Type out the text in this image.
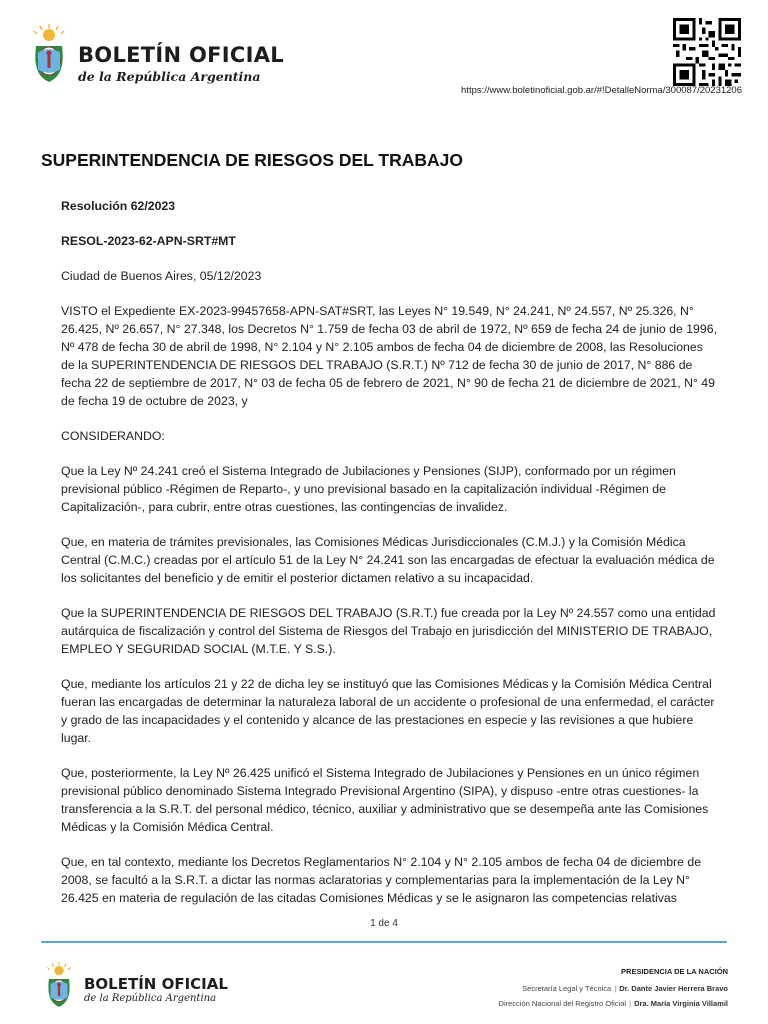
BOLETÍN OFICIAL
de la República Argentina
https://www.boletinoficial.gob.ar/#!DetalleNorma/300087/20231206
SUPERINTENDENCIA DE RIESGOS DEL TRABAJO

Resolución 62/2023

RESOL-2023-62-APN-SRT#MT

Ciudad de Buenos Aires, 05/12/2023

VISTO el Expediente EX-2023-99457658-APN-SAT#SRT, las Leyes N° 19.549, N° 24.241, Nº 24.557, Nº 25.326, N° 26.425, Nº 26.657, N° 27.348, los Decretos N° 1.759 de fecha 03 de abril de 1972, Nº 659 de fecha 24 de junio de 1996, Nº 478 de fecha 30 de abril de 1998, N° 2.104 y N° 2.105 ambos de fecha 04 de diciembre de 2008, las Resoluciones de la SUPERINTENDENCIA DE RIESGOS DEL TRABAJO (S.R.T.) Nº 712 de fecha 30 de junio de 2017, N° 886 de fecha 22 de septiembre de 2017, N° 03 de fecha 05 de febrero de 2021, N° 90 de fecha 21 de diciembre de 2021, N° 49 de fecha 19 de octubre de 2023, y

CONSIDERANDO:

Que la Ley Nº 24.241 creó el Sistema Integrado de Jubilaciones y Pensiones (SIJP), conformado por un régimen previsional público -Régimen de Reparto-, y uno previsional basado en la capitalización individual -Régimen de Capitalización-, para cubrir, entre otras cuestiones, las contingencias de invalidez.

Que, en materia de trámites previsionales, las Comisiones Médicas Jurisdiccionales (C.M.J.) y la Comisión Médica Central (C.M.C.) creadas por el artículo 51 de la Ley N° 24.241 son las encargadas de efectuar la evaluación médica de los solicitantes del beneficio y de emitir el posterior dictamen relativo a su incapacidad.

Que la SUPERINTENDENCIA DE RIESGOS DEL TRABAJO (S.R.T.) fue creada por la Ley Nº 24.557 como una entidad autárquica de fiscalización y control del Sistema de Riesgos del Trabajo en jurisdicción del MINISTERIO DE TRABAJO, EMPLEO Y SEGURIDAD SOCIAL (M.T.E. Y S.S.).

Que, mediante los artículos 21 y 22 de dicha ley se instituyó que las Comisiones Médicas y la Comisión Médica Central fueran las encargadas de determinar la naturaleza laboral de un accidente o profesional de una enfermedad, el carácter y grado de las incapacidades y el contenido y alcance de las prestaciones en especie y las revisiones a que hubiere lugar.

Que, posteriormente, la Ley Nº 26.425 unificó el Sistema Integrado de Jubilaciones y Pensiones en un único régimen previsional público denominado Sistema Integrado Previsional Argentino (SIPA), y dispuso -entre otras cuestiones- la transferencia a la S.R.T. del personal médico, técnico, auxiliar y administrativo que se desempeña ante las Comisiones Médicas y la Comisión Médica Central.

Que, en tal contexto, mediante los Decretos Reglamentarios N° 2.104 y N° 2.105 ambos de fecha 04 de diciembre de 2008, se facultó a la S.R.T. a dictar las normas aclaratorias y complementarias para la implementación de la Ley N° 26.425 en materia de regulación de las citadas Comisiones Médicas y se le asignaron las competencias relativas

1 de 4
BOLETÍN OFICIAL
de la República Argentina
PRESIDENCIA DE LA NACIÓN
Secretaría Legal y Técnica | Dr. Dante Javier Herrera Bravo
Dirección Nacional del Registro Oficial | Dra. María Virginia Villamil
